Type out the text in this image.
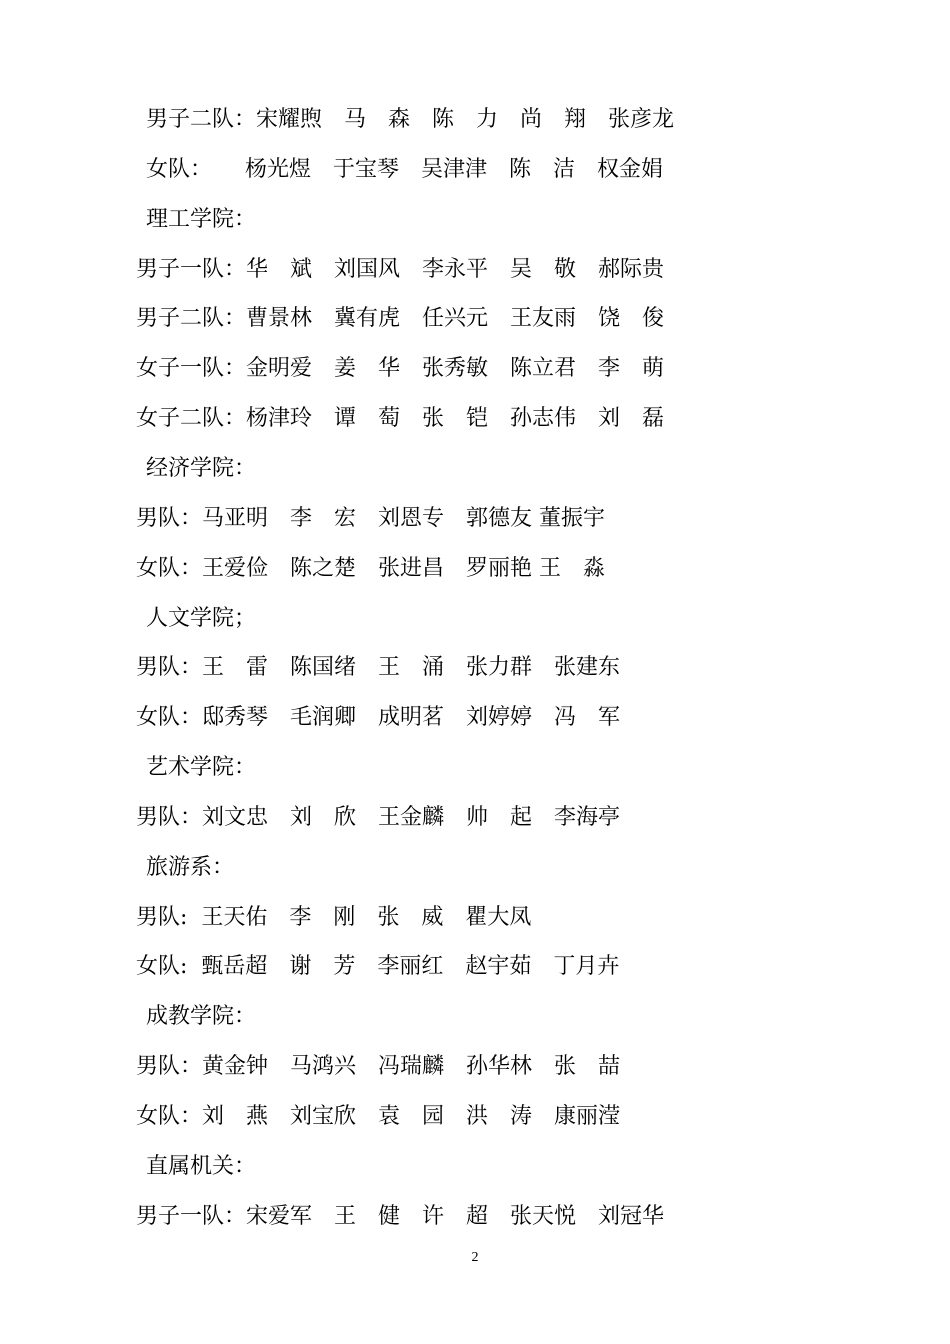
男子二队：宋耀煦　马　森　陈　力　尚　翔　张彦龙
女队：　　杨光煜　于宝琴　吴津津　陈　洁　权金娟
理工学院：
男子一队：华　斌　刘国风　李永平　吴　敬　郝际贵
男子二队：曹景林　冀有虎　任兴元　王友雨　饶　俊
女子一队：金明爱　姜　华　张秀敏　陈立君　李　萌
女子二队：杨津玲　谭　萄　张　铠　孙志伟　刘　磊
经济学院：
男队：马亚明　李　宏　刘恩专　郭德友 董振宇
女队：王爱俭　陈之楚　张进昌　罗丽艳 王　淼
人文学院；
男队：王　雷　陈国绪　王　涌　张力群　张建东
女队：邸秀琴　毛润卿　成明茗　刘婷婷　冯　军
艺术学院：
男队：刘文忠　刘　欣　王金麟　帅　起　李海亭
旅游系：
男队:  王天佑　李　刚　张　威　瞿大凤
女队:  甄岳超　谢　芳　李丽红　赵宇茹　丁月卉
成教学院：
男队：黄金钟　马鸿兴　冯瑞麟　孙华林　张　喆
女队：刘　燕　刘宝欣　袁　园　洪　涛　康丽滢
直属机关：
男子一队：宋爱军　王　健　许　超　张天悦　刘冠华
2
